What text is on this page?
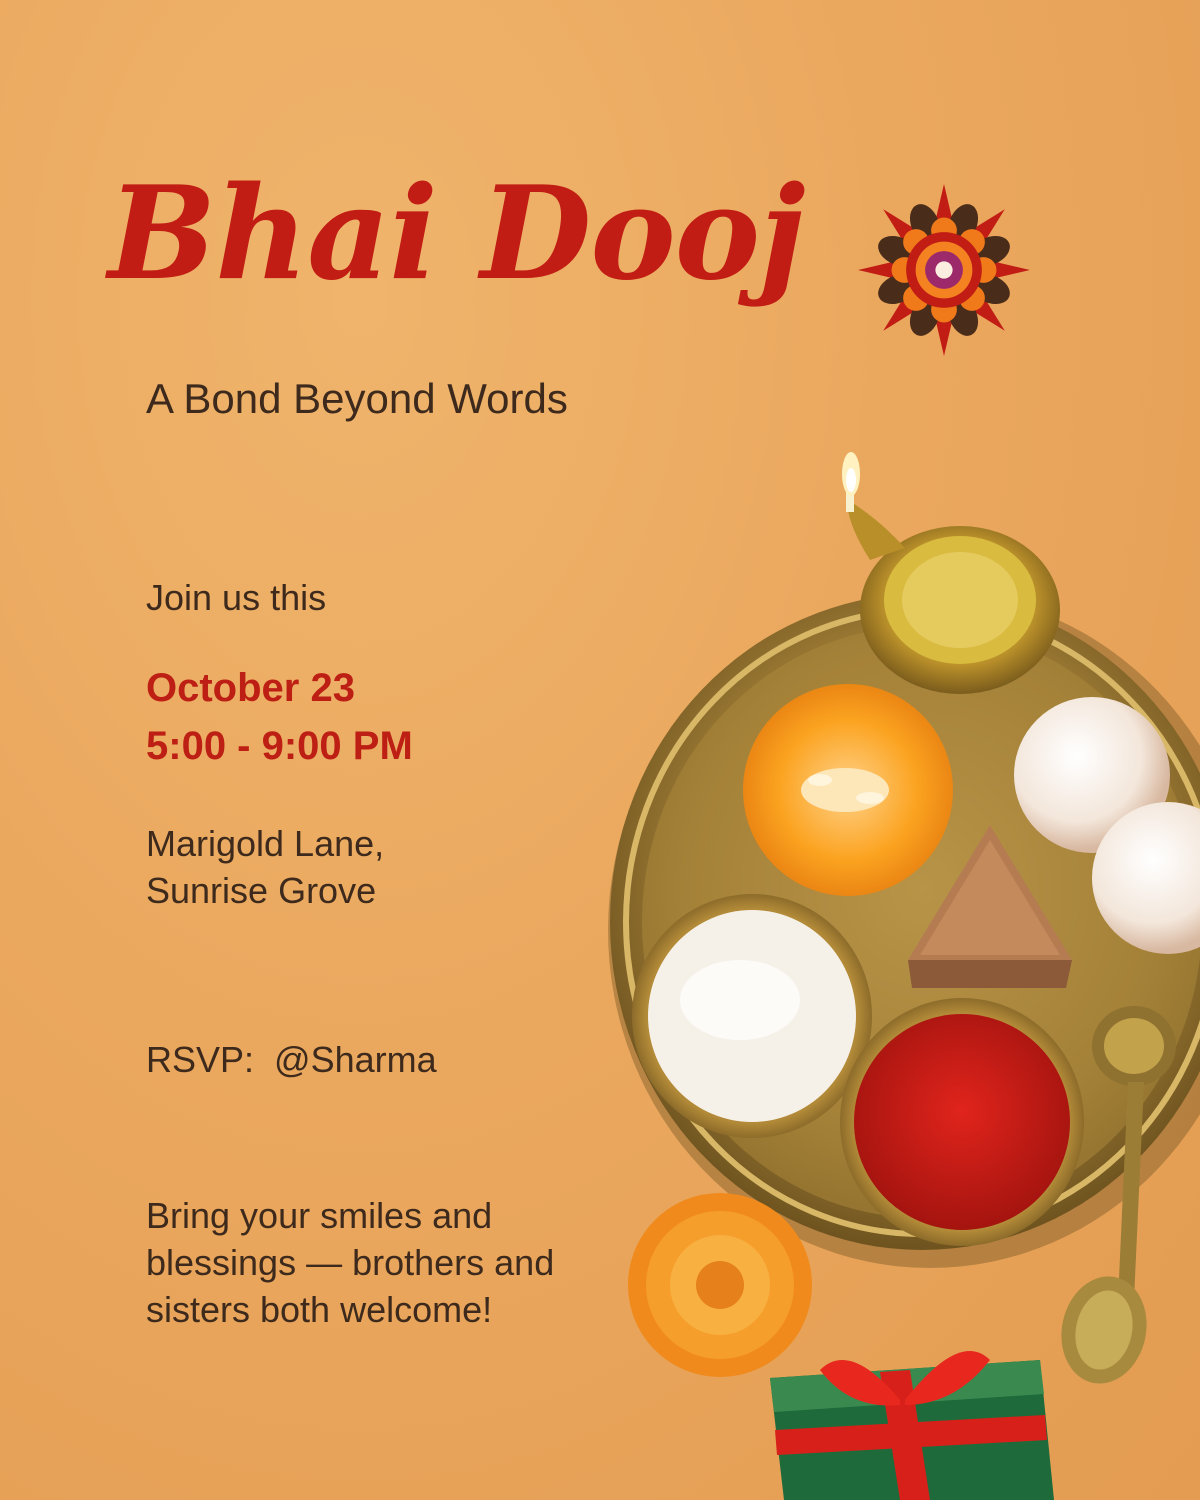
Bhai Dooj

A Bond Beyond Words

Join us this

October 23

5:00 - 9:00 PM

Marigold Lane,
Sunrise Grove

RSVP:  @Sharma

Bring your smiles and
blessings — brothers and
sisters both welcome!
